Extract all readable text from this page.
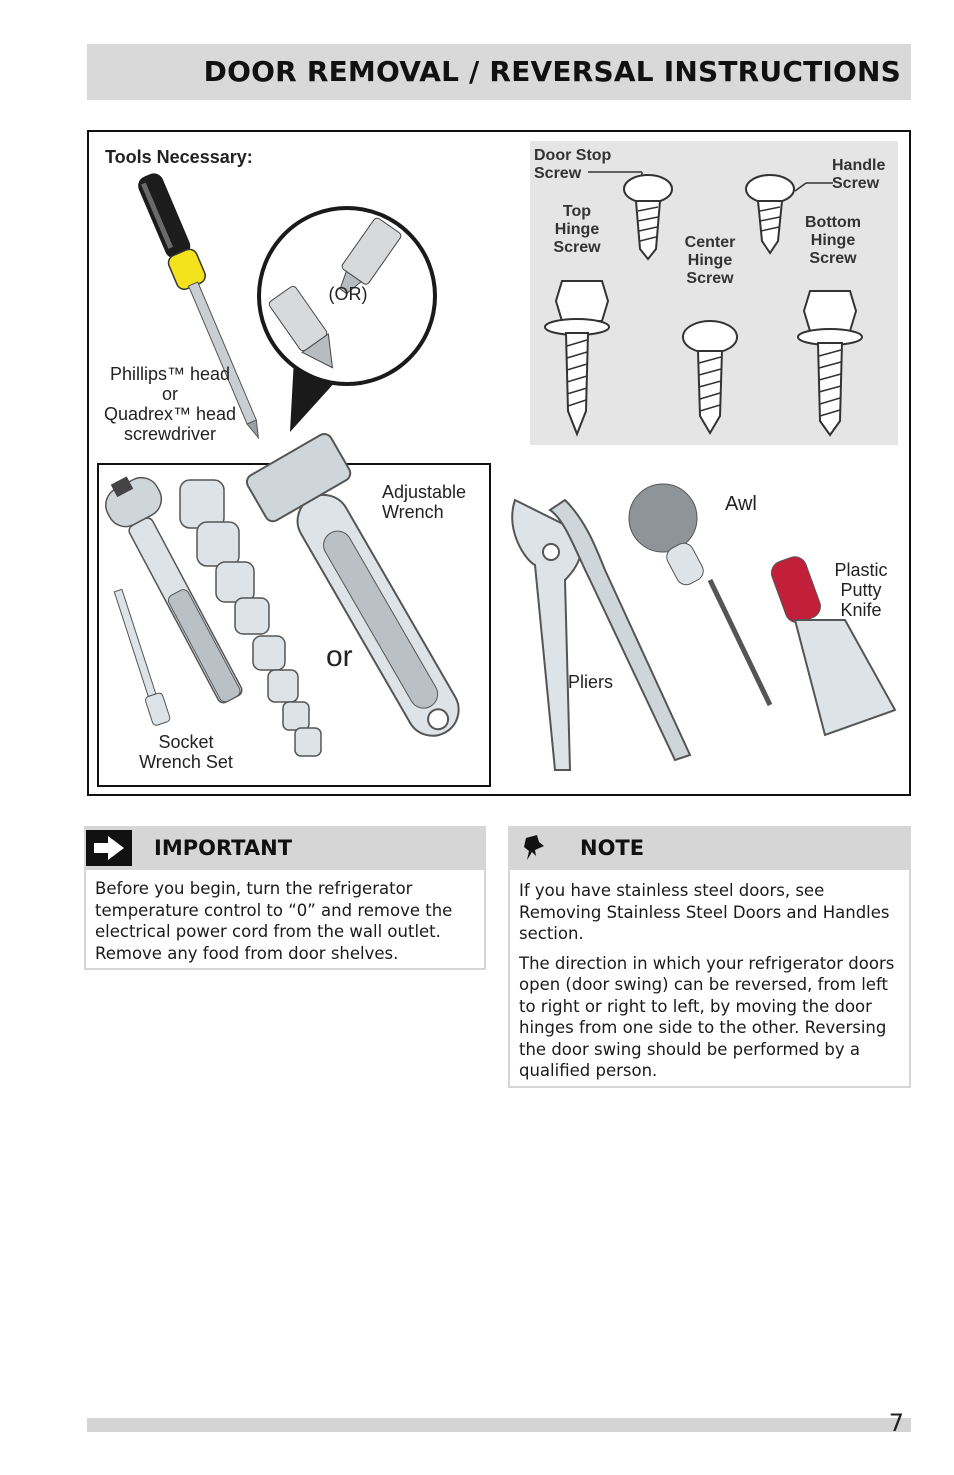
DOOR REMOVAL / REVERSAL INSTRUCTIONS
Tools Necessary:
(OR)
Phillips™ head
or
Quadrex™ head
screwdriver
Door Stop
Screw	Handle
Screw
Top
Hinge
Screw	Center
Hinge
Screw
Bottom
Hinge
Screw
Adjustable
Wrench
or
Socket
Wrench Set
Awl
Plastic
Putty
Knife
Pliers
IMPORTANT

Before you begin, turn the refrigerator temperature control to “0” and remove the electrical power cord from the wall outlet. Remove any food from door shelves.

NOTE

If you have stainless steel doors, see Removing Stainless Steel Doors and Handles section.

The direction in which your refrigerator doors open (door swing) can be reversed, from left to right or right to left, by moving the door hinges from one side to the other. Reversing the door swing should be performed by a qualified person.

7
